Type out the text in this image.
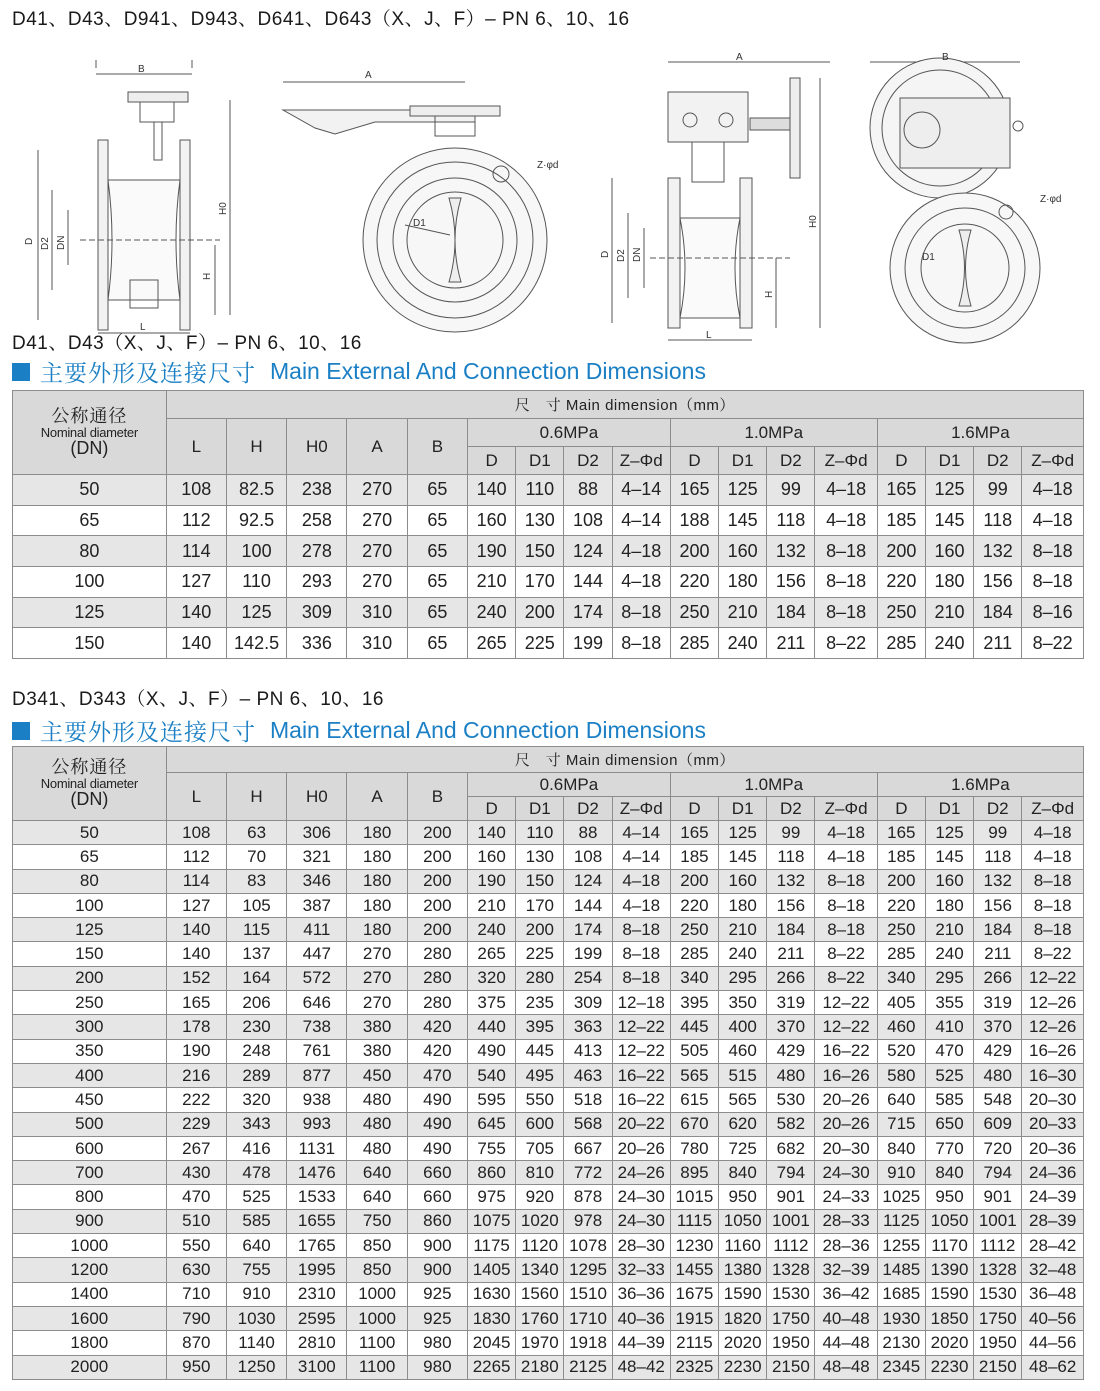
D41、D43、D941、D943、D641、D643（X、J、F）– PN 6、10、16
B
D D2 DN
H0
H
L
A
Z·φd
D1
A
D D2 DN
H0
H
L
B
Z·φd
D1
D41、D43（X、J、F）– PN 6、10、16
主要外形及连接尺寸 Main External And Connection Dimensions
公称通径
Nominal diameter
(DN)	尺　寸 Main dimension（mm）																
	L	H	H0	A	B	0.6MPa				1.0MPa				1.6MPa			
						D	D1	D2	Z–Φd	D	D1	D2	Z–Φd	D	D1	D2	Z–Φd
50	108	82.5	238	270	65	140	110	88	4–14	165	125	99	4–18	165	125	99	4–18
65	112	92.5	258	270	65	160	130	108	4–14	188	145	118	4–18	185	145	118	4–18
80	114	100	278	270	65	190	150	124	4–18	200	160	132	8–18	200	160	132	8–18
100	127	110	293	270	65	210	170	144	4–18	220	180	156	8–18	220	180	156	8–18
125	140	125	309	310	65	240	200	174	8–18	250	210	184	8–18	250	210	184	8–16
150	140	142.5	336	310	65	265	225	199	8–18	285	240	211	8–22	285	240	211	8–22
D341、D343（X、J、F）– PN 6、10、16
主要外形及连接尺寸 Main External And Connection Dimensions
公称通径
Nominal diameter
(DN)	尺　寸 Main dimension（mm）																
	L	H	H0	A	B	0.6MPa				1.0MPa				1.6MPa			
						D	D1	D2	Z–Φd	D	D1	D2	Z–Φd	D	D1	D2	Z–Φd
50	108	63	306	180	200	140	110	88	4–14	165	125	99	4–18	165	125	99	4–18
65	112	70	321	180	200	160	130	108	4–14	185	145	118	4–18	185	145	118	4–18
80	114	83	346	180	200	190	150	124	4–18	200	160	132	8–18	200	160	132	8–18
100	127	105	387	180	200	210	170	144	4–18	220	180	156	8–18	220	180	156	8–18
125	140	115	411	180	200	240	200	174	8–18	250	210	184	8–18	250	210	184	8–18
150	140	137	447	270	280	265	225	199	8–18	285	240	211	8–22	285	240	211	8–22
200	152	164	572	270	280	320	280	254	8–18	340	295	266	8–22	340	295	266	12–22
250	165	206	646	270	280	375	235	309	12–18	395	350	319	12–22	405	355	319	12–26
300	178	230	738	380	420	440	395	363	12–22	445	400	370	12–22	460	410	370	12–26
350	190	248	761	380	420	490	445	413	12–22	505	460	429	16–22	520	470	429	16–26
400	216	289	877	450	470	540	495	463	16–22	565	515	480	16–26	580	525	480	16–30
450	222	320	938	480	490	595	550	518	16–22	615	565	530	20–26	640	585	548	20–30
500	229	343	993	480	490	645	600	568	20–22	670	620	582	20–26	715	650	609	20–33
600	267	416	1131	480	490	755	705	667	20–26	780	725	682	20–30	840	770	720	20–36
700	430	478	1476	640	660	860	810	772	24–26	895	840	794	24–30	910	840	794	24–36
800	470	525	1533	640	660	975	920	878	24–30	1015	950	901	24–33	1025	950	901	24–39
900	510	585	1655	750	860	1075	1020	978	24–30	1115	1050	1001	28–33	1125	1050	1001	28–39
1000	550	640	1765	850	900	1175	1120	1078	28–30	1230	1160	1112	28–36	1255	1170	1112	28–42
1200	630	755	1995	850	900	1405	1340	1295	32–33	1455	1380	1328	32–39	1485	1390	1328	32–48
1400	710	910	2310	1000	925	1630	1560	1510	36–36	1675	1590	1530	36–42	1685	1590	1530	36–48
1600	790	1030	2595	1000	925	1830	1760	1710	40–36	1915	1820	1750	40–48	1930	1850	1750	40–56
1800	870	1140	2810	1100	980	2045	1970	1918	44–39	2115	2020	1950	44–48	2130	2020	1950	44–56
2000	950	1250	3100	1100	980	2265	2180	2125	48–42	2325	2230	2150	48–48	2345	2230	2150	48–62
